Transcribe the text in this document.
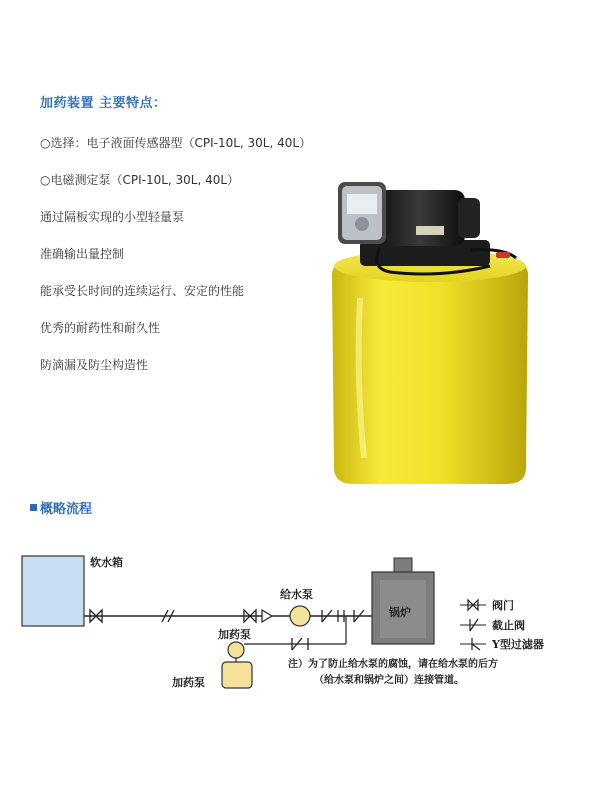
加药装置 主要特点：
○选择：电子液面传感器型（CPI-10L, 30L, 40L）
○电磁测定泵（CPI-10L, 30L, 40L）
通过隔板实现的小型轻量泵
准确输出量控制
能承受长时间的连续运行、安定的性能
优秀的耐药性和耐久性
防滴漏及防尘构造性
概略流程
软水箱
给水泵
加药泵
加药泵
锅炉
阀门
截止阀
Y型过滤器
注）为了防止给水泵的腐蚀，请在给水泵的后方
（给水泵和锅炉之间）连接管道。
